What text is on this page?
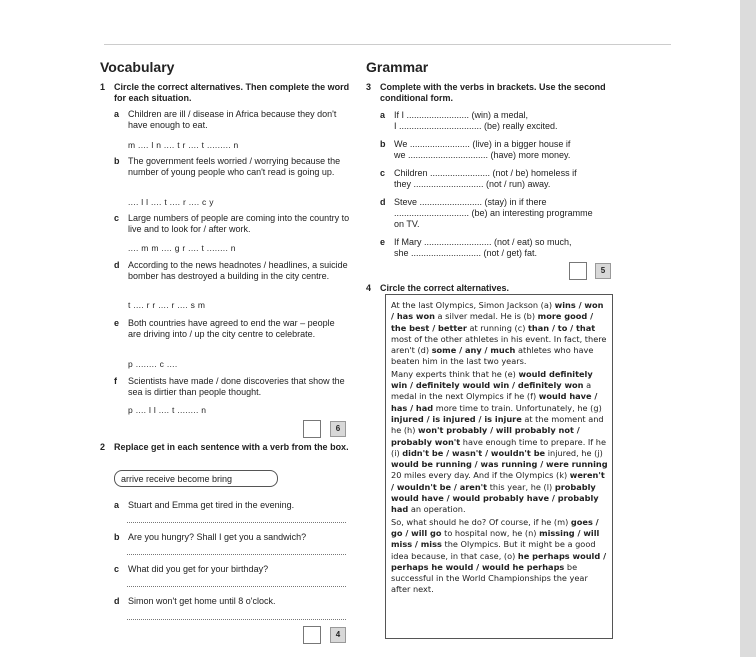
Vocabulary
1 Circle the correct alternatives. Then complete the word for each situation.
a Children are ill / disease in Africa because they don't have enough to eat.
m .... l n .... t r .... t ......... n
b The government feels worried / worrying because the number of young people who can't read is going up.
.... l l .... t .... r .... c y
c Large numbers of people are coming into the country to live and to look for / after work.
.... m m .... g r .... t ........ n
d According to the news headnotes / headlines, a suicide bomber has destroyed a building in the city centre.
t .... r r .... r .... s m
e Both countries have agreed to end the war – people are driving into / up the city centre to celebrate.
p ........ c ....
f Scientists have made / done discoveries that show the sea is dirtier than people thought.
p .... l l .... t ........ n
6
2 Replace get in each sentence with a verb from the box.
arrive receive become bring
a Stuart and Emma get tired in the evening.
b Are you hungry? Shall I get you a sandwich?
c What did you get for your birthday?
d Simon won't get home until 8 o'clock.
4
Grammar
3 Complete with the verbs in brackets. Use the second conditional form.
a If I ......................... (win) a medal,
I ................................. (be) really excited.
b We ........................ (live) in a bigger house if
we ................................ (have) more money.
c Children ........................ (not / be) homeless if
they ............................ (not / run) away.
d Steve ......................... (stay) in if there
.............................. (be) an interesting programme
on TV.
e If Mary ........................... (not / eat) so much,
she ............................ (not / get) fat.
5
4 Circle the correct alternatives.

At the last Olympics, Simon Jackson (a) wins / won / has won a silver medal. He is (b) more good / the best / better at running (c) than / to / that most of the other athletes in his event. In fact, there aren't (d) some / any / much athletes who have beaten him in the last two years.

Many experts think that he (e) would definitely win / definitely would win / definitely won a medal in the next Olympics if he (f) would have / has / had more time to train. Unfortunately, he (g) injured / is injured / is injure at the moment and he (h) won't probably / will probably not / probably won't have enough time to prepare. If he (i) didn't be / wasn't / wouldn't be injured, he (j) would be running / was running / were running 20 miles every day. And if the Olympics (k) weren't / wouldn't be / aren't this year, he (l) probably would have / would probably have / probably had an operation.

So, what should he do? Of course, if he (m) goes / go / will go to hospital now, he (n) missing / will miss / miss the Olympics. But it might be a good idea because, in that case, (o) he perhaps would / perhaps he would / would he perhaps be successful in the World Championships the year after next.
